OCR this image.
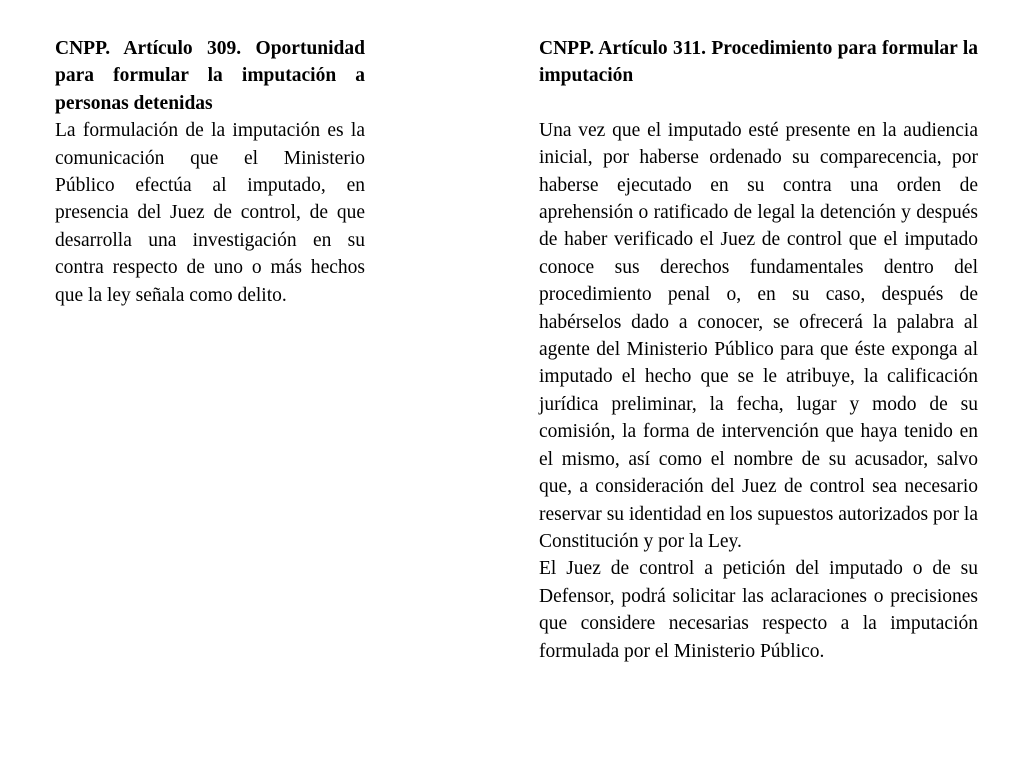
CNPP. Artículo 309. Oportunidad para formular la imputación a personas detenidas

La formulación de la imputación es la comunicación que el Ministerio Público efectúa al imputado, en presencia del Juez de control, de que desarrolla una investigación en su contra respecto de uno o más hechos que la ley señala como delito.

CNPP. Artículo 311. Procedimiento para formular la imputación

Una vez que el imputado esté presente en la audiencia inicial, por haberse ordenado su comparecencia, por haberse ejecutado en su contra una orden de aprehensión o ratificado de legal la detención y después de haber verificado el Juez de control que el imputado conoce sus derechos fundamentales dentro del procedimiento penal o, en su caso, después de habérselos dado a conocer, se ofrecerá la palabra al agente del Ministerio Público para que éste exponga al imputado el hecho que se le atribuye, la calificación jurídica preliminar, la fecha, lugar y modo de su comisión, la forma de intervención que haya tenido en el mismo, así como el nombre de su acusador, salvo que, a consideración del Juez de control sea necesario reservar su identidad en los supuestos autorizados por la Constitución y por la Ley.

El Juez de control a petición del imputado o de su Defensor, podrá solicitar las aclaraciones o precisiones que considere necesarias respecto a la imputación formulada por el Ministerio Público.
